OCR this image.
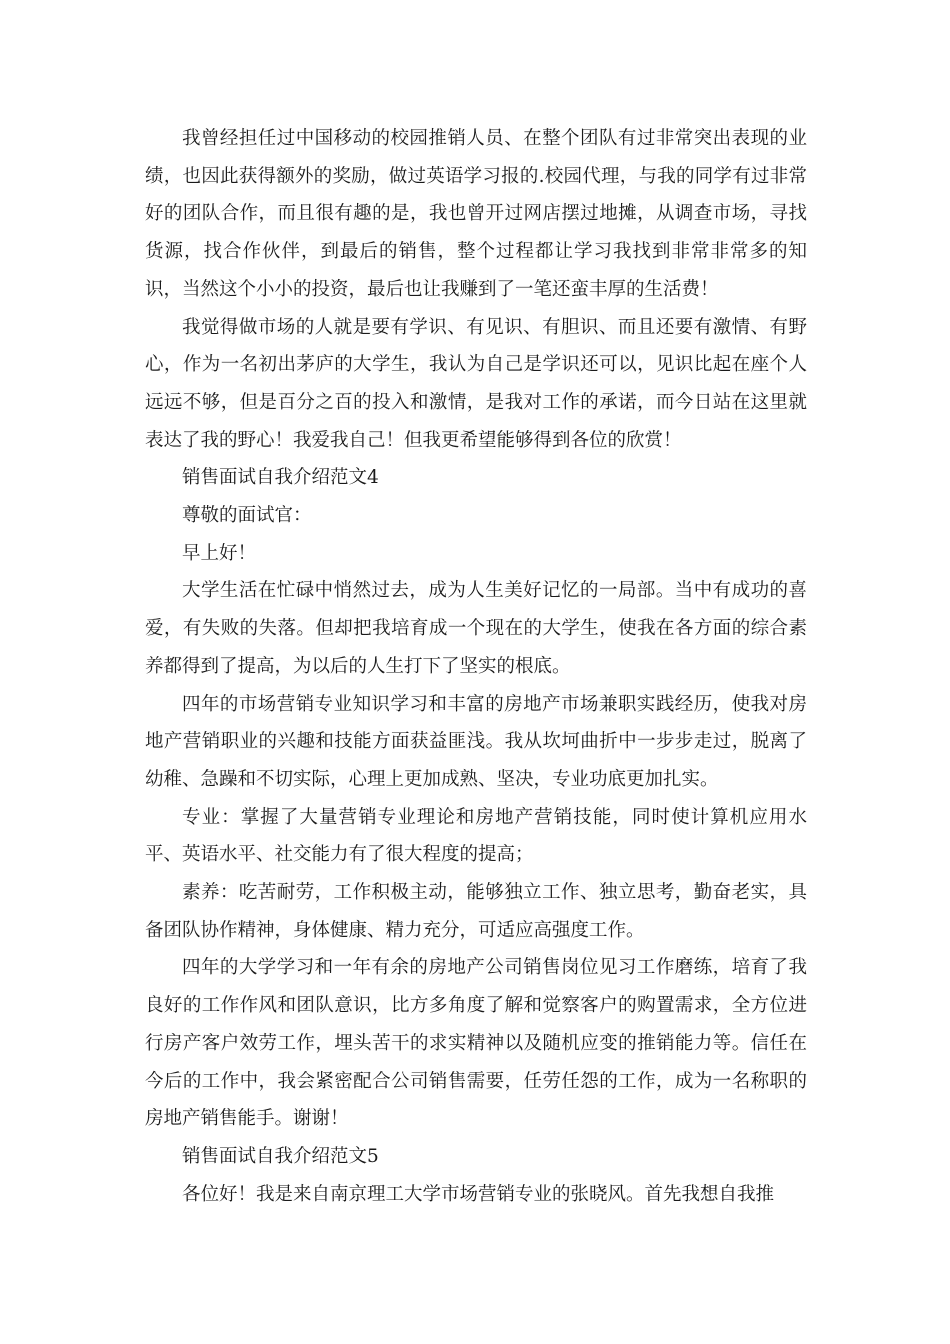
我曾经担任过中国移动的校园推销人员、在整个团队有过非常突出表现的业绩，也因此获得额外的奖励，做过英语学习报的.校园代理，与我的同学有过非常好的团队合作，而且很有趣的是，我也曾开过网店摆过地摊，从调查市场，寻找货源，找合作伙伴，到最后的销售，整个过程都让学习我找到非常非常多的知识，当然这个小小的投资，最后也让我赚到了一笔还蛮丰厚的生活费！

我觉得做市场的人就是要有学识、有见识、有胆识、而且还要有激情、有野心，作为一名初出茅庐的大学生，我认为自己是学识还可以，见识比起在座个人远远不够，但是百分之百的投入和激情，是我对工作的承诺，而今日站在这里就表达了我的野心！我爱我自己！但我更希望能够得到各位的欣赏！

销售面试自我介绍范文4

尊敬的面试官：

早上好！

大学生活在忙碌中悄然过去，成为人生美好记忆的一局部。当中有成功的喜爱，有失败的失落。但却把我培育成一个现在的大学生，使我在各方面的综合素养都得到了提高，为以后的人生打下了坚实的根底。

四年的市场营销专业知识学习和丰富的房地产市场兼职实践经历，使我对房地产营销职业的兴趣和技能方面获益匪浅。我从坎坷曲折中一步步走过，脱离了幼稚、急躁和不切实际，心理上更加成熟、坚决，专业功底更加扎实。

专业：掌握了大量营销专业理论和房地产营销技能，同时使计算机应用水平、英语水平、社交能力有了很大程度的提高；

素养：吃苦耐劳，工作积极主动，能够独立工作、独立思考，勤奋老实，具备团队协作精神，身体健康、精力充分，可适应高强度工作。

四年的大学学习和一年有余的房地产公司销售岗位见习工作磨练，培育了我良好的工作作风和团队意识，比方多角度了解和觉察客户的购置需求，全方位进行房产客户效劳工作，埋头苦干的求实精神以及随机应变的推销能力等。信任在今后的工作中，我会紧密配合公司销售需要，任劳任怨的工作，成为一名称职的房地产销售能手。谢谢！

销售面试自我介绍范文5

各位好！我是来自南京理工大学市场营销专业的张晓风。首先我想自我推
